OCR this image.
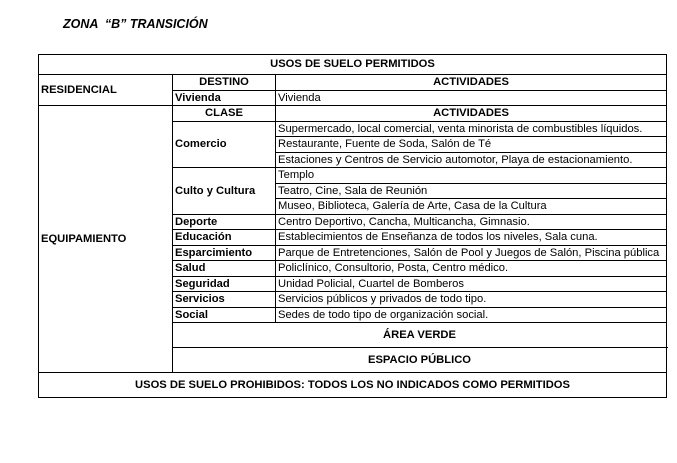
ZONA  “B” TRANSICIÓN
USOS DE SUELO PERMITIDOS		
RESIDENCIAL	DESTINO	ACTIVIDADES
	Vivienda	Vivienda
EQUIPAMIENTO	CLASE	ACTIVIDADES
	Comercio	Supermercado, local comercial, venta minorista de combustibles líquidos.
		Restaurante, Fuente de Soda, Salón de Té
		Estaciones y Centros de Servicio automotor, Playa de estacionamiento.
	Culto y Cultura	Templo
		Teatro, Cine, Sala de Reunión
		Museo, Biblioteca, Galería de Arte, Casa de la Cultura
	Deporte	Centro Deportivo, Cancha, Multicancha, Gimnasio.
	Educación	Establecimientos de Enseñanza de todos los niveles, Sala cuna.
	Esparcimiento	Parque de Entretenciones, Salón de Pool y Juegos de Salón, Piscina pública
	Salud	Policlínico, Consultorio, Posta, Centro médico.
	Seguridad	Unidad Policial, Cuartel de Bomberos
	Servicios	Servicios públicos y privados de todo tipo.
	Social	Sedes de todo tipo de organización social.
	ÁREA VERDE	
	ESPACIO PÚBLICO	
USOS DE SUELO PROHIBIDOS: TODOS LOS NO INDICADOS COMO PERMITIDOS		
